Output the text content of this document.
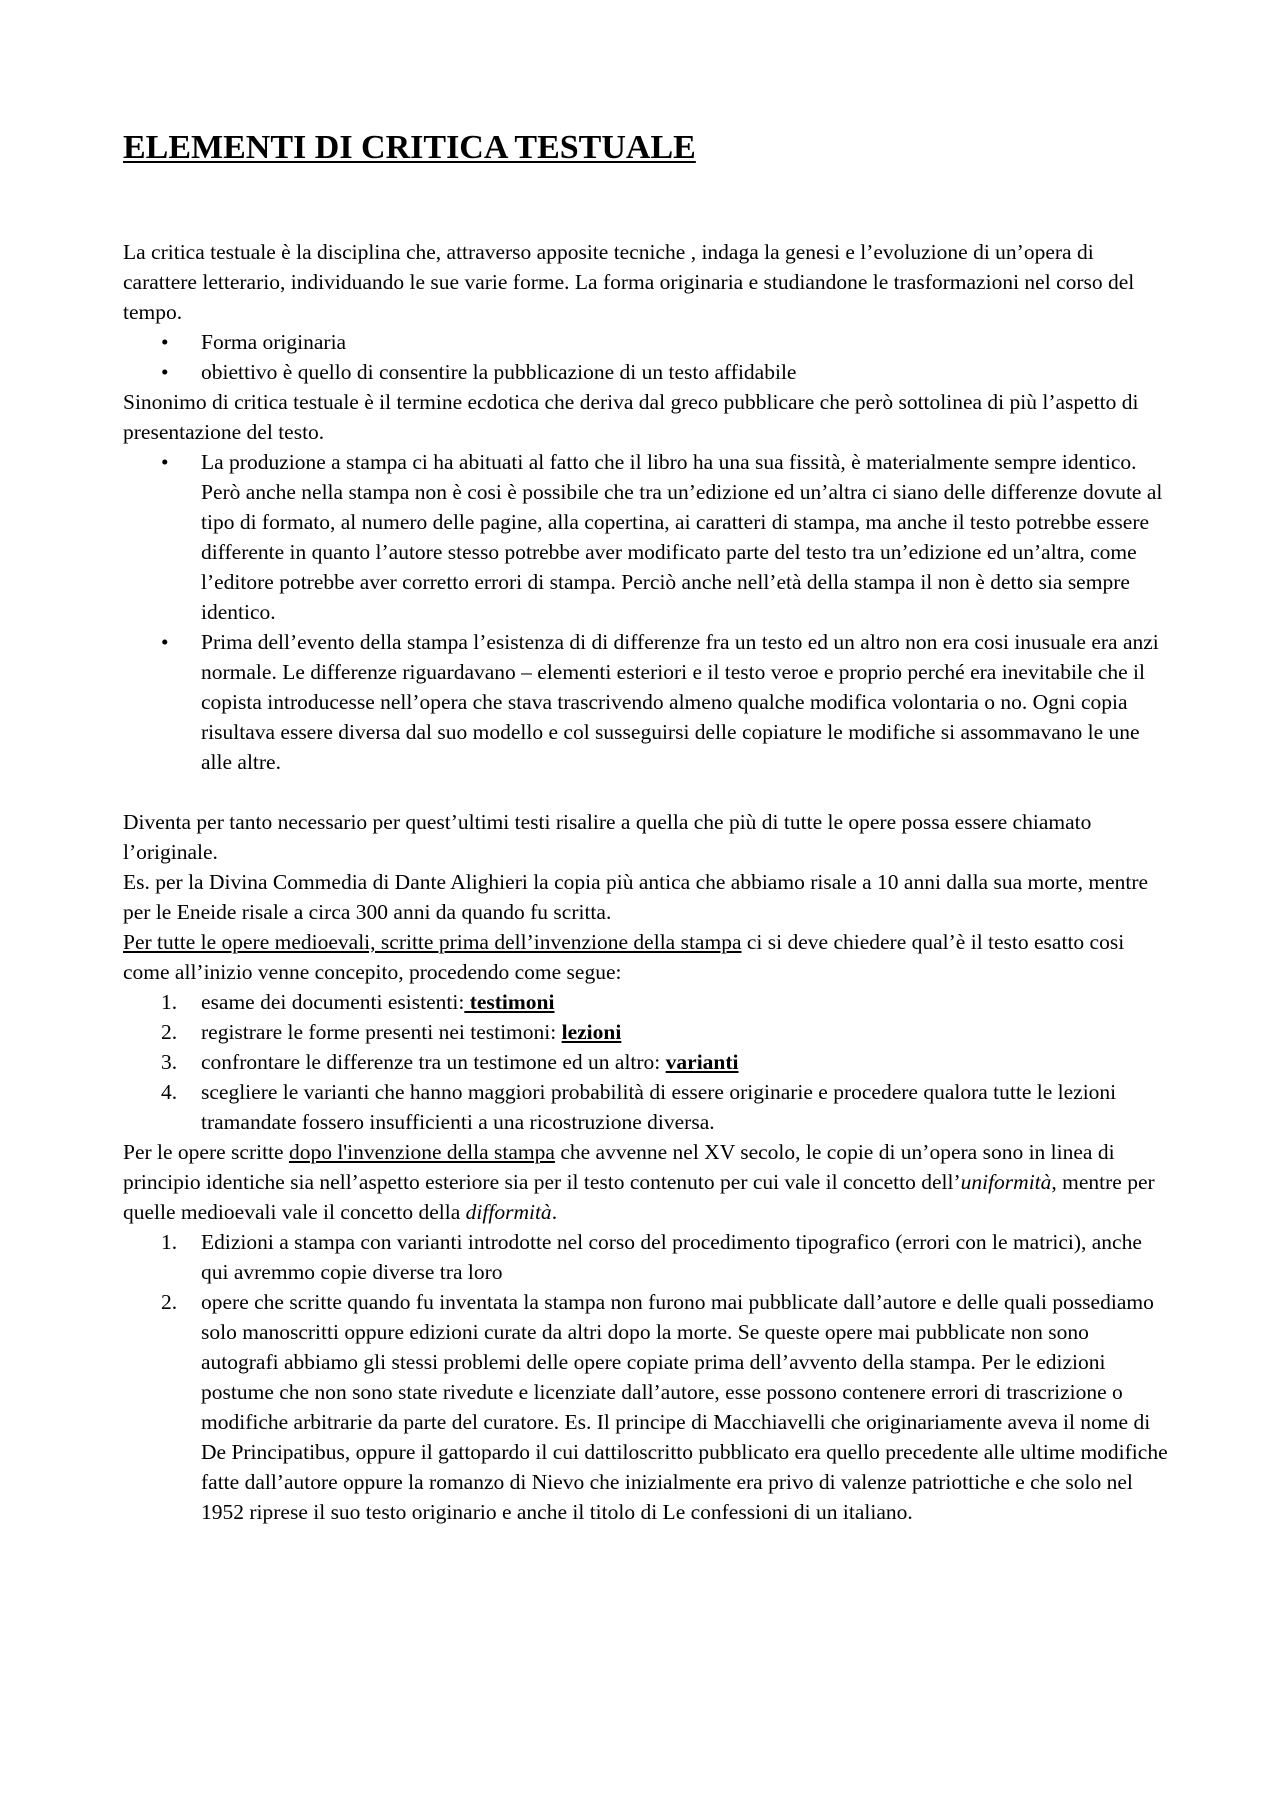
ELEMENTI DI CRITICA TESTUALE

La critica testuale è la disciplina che, attraverso apposite tecniche , indaga la genesi e l’evoluzione di un’opera di carattere letterario, individuando le sue varie forme. La forma originaria e studiandone le trasformazioni nel corso del tempo.

• Forma originaria
• obiettivo è quello di consentire la pubblicazione di un testo affidabile

Sinonimo di critica testuale è il termine ecdotica che deriva dal greco pubblicare che però sottolinea di più l’aspetto di presentazione del testo.

• La produzione a stampa ci ha abituati al fatto che il libro ha una sua fissità, è materialmente sempre identico. Però anche nella stampa non è cosi è possibile che tra un’edizione ed un’altra ci siano delle differenze dovute al tipo di formato, al numero delle pagine, alla copertina, ai caratteri di stampa, ma anche il testo potrebbe essere differente in quanto l’autore stesso potrebbe aver modificato parte del testo tra un’edizione ed un’altra, come l’editore potrebbe aver corretto errori di stampa. Perciò anche nell’età della stampa il non è detto sia sempre identico.
• Prima dell’evento della stampa l’esistenza di di differenze fra un testo ed un altro non era cosi inusuale era anzi normale. Le differenze riguardavano – elementi esteriori e il testo veroe e proprio perché era inevitabile che il copista introducesse nell’opera che stava trascrivendo almeno qualche modifica volontaria o no. Ogni copia risultava essere diversa dal suo modello e col susseguirsi delle copiature le modifiche si assommavano le une alle altre.

Diventa per tanto necessario per quest’ultimi testi risalire a quella che più di tutte le opere possa essere chiamato l’originale.

Es. per la Divina Commedia di Dante Alighieri la copia più antica che abbiamo risale a 10 anni dalla sua morte, mentre per le Eneide risale a circa 300 anni da quando fu scritta.

Per tutte le opere medioevali, scritte prima dell’invenzione della stampa ci si deve chiedere qual’è il testo esatto cosi come all’inizio venne concepito, procedendo come segue:

1. esame dei documenti esistenti: testimoni
2. registrare le forme presenti nei testimoni: lezioni
3. confrontare le differenze tra un testimone ed un altro: varianti
4. scegliere le varianti che hanno maggiori probabilità di essere originarie e procedere qualora tutte le lezioni tramandate fossero insufficienti a una ricostruzione diversa.

Per le opere scritte dopo l'invenzione della stampa che avvenne nel XV secolo, le copie di un’opera sono in linea di principio identiche sia nell’aspetto esteriore sia per il testo contenuto per cui vale il concetto dell’uniformità, mentre per quelle medioevali vale il concetto della difformità.

1. Edizioni a stampa con varianti introdotte nel corso del procedimento tipografico (errori con le matrici), anche qui avremmo copie diverse tra loro
2. opere che scritte quando fu inventata la stampa non furono mai pubblicate dall’autore e delle quali possediamo solo manoscritti oppure edizioni curate da altri dopo la morte. Se queste opere mai pubblicate non sono autografi abbiamo gli stessi problemi delle opere copiate prima dell’avvento della stampa. Per le edizioni postume che non sono state rivedute e licenziate dall’autore, esse possono contenere errori di trascrizione o modifiche arbitrarie da parte del curatore. Es. Il principe di Macchiavelli che originariamente aveva il nome di De Principatibus, oppure il gattopardo il cui dattiloscritto pubblicato era quello precedente alle ultime modifiche fatte dall’autore oppure la romanzo di Nievo che inizialmente era privo di valenze patriottiche e che solo nel 1952 riprese il suo testo originario e anche il titolo di Le confessioni di un italiano.
